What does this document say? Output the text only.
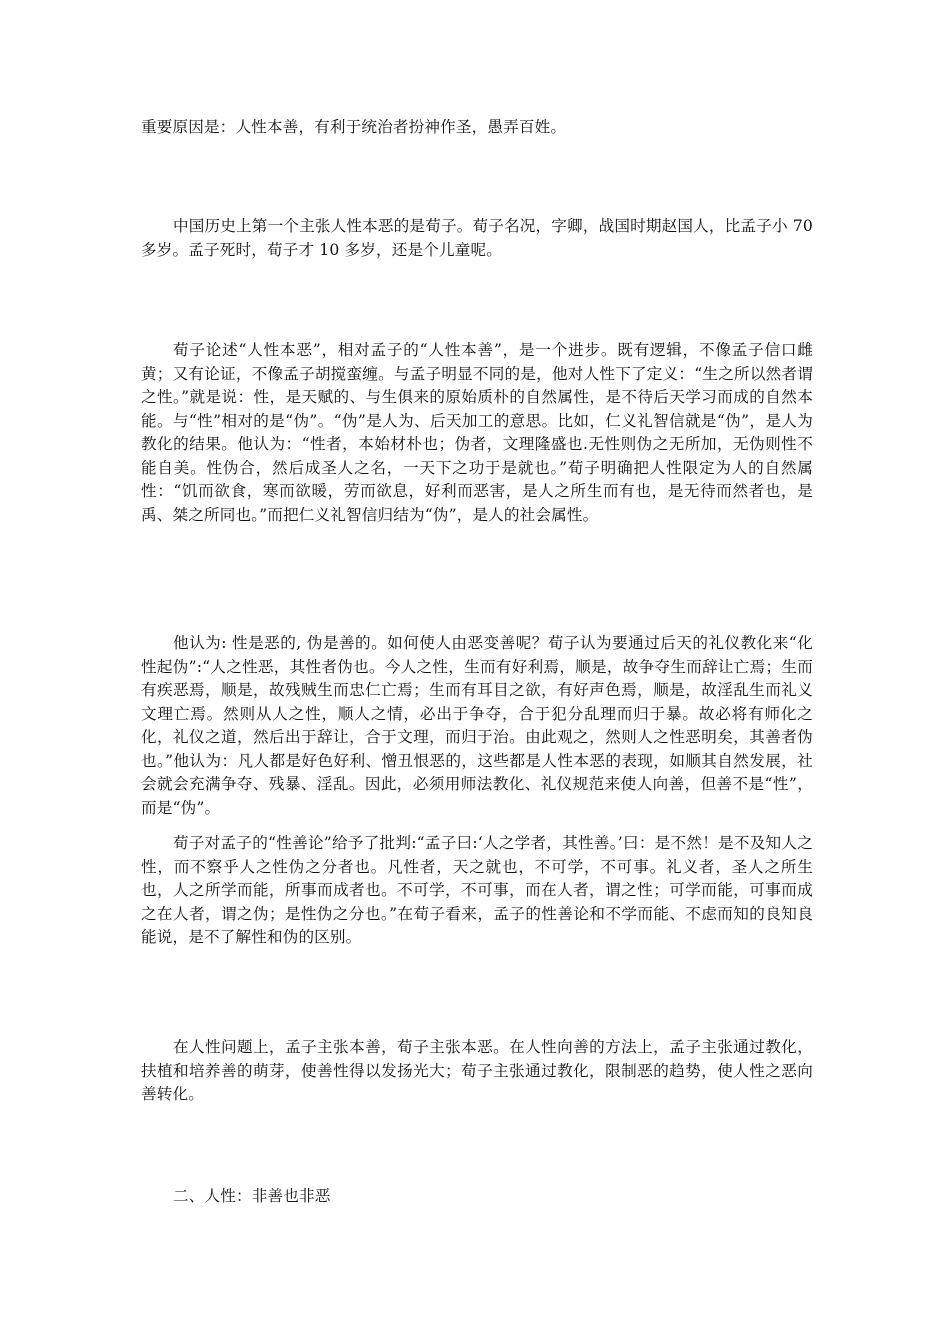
重要原因是：人性本善，有利于统治者扮神作圣，愚弄百姓。

中国历史上第一个主张人性本恶的是荀子。荀子名况，字卿，战国时期赵国人，比孟子小 70 多岁。孟子死时，荀子才 10 多岁，还是个儿童呢。

荀子论述“人性本恶”，相对孟子的“人性本善”，是一个进步。既有逻辑，不像孟子信口雌黄；又有论证，不像孟子胡搅蛮缠。与孟子明显不同的是，他对人性下了定义：“生之所以然者谓之性。”就是说：性，是天赋的、与生俱来的原始质朴的自然属性，是不待后天学习而成的自然本能。与“性”相对的是“伪”。“伪”是人为、后天加工的意思。比如，仁义礼智信就是“伪”，是人为教化的结果。他认为：“性者，本始材朴也；伪者，文理隆盛也.无性则伪之无所加，无伪则性不能自美。性伪合，然后成圣人之名，一天下之功于是就也。”荀子明确把人性限定为人的自然属性：“饥而欲食，寒而欲暖，劳而欲息，好利而恶害，是人之所生而有也，是无待而然者也，是禹、桀之所同也。”而把仁义礼智信归结为“伪”，是人的社会属性。

他认为: 性是恶的, 伪是善的。如何使人由恶变善呢？荀子认为要通过后天的礼仪教化来“化性起伪”:“人之性恶，其性者伪也。今人之性，生而有好利焉，顺是，故争夺生而辞让亡焉；生而有疾恶焉，顺是，故残贼生而忠仁亡焉；生而有耳目之欲，有好声色焉，顺是，故淫乱生而礼义文理亡焉。然则从人之性，顺人之情，必出于争夺，合于犯分乱理而归于暴。故必将有师化之化，礼仪之道，然后出于辞让，合于文理，而归于治。由此观之，然则人之性恶明矣，其善者伪也。”他认为：凡人都是好色好利、憎丑恨恶的，这些都是人性本恶的表现，如顺其自然发展，社会就会充满争夺、残暴、淫乱。因此，必须用师法教化、礼仪规范来使人向善，但善不是“性”，而是“伪”。

荀子对孟子的“性善论”给予了批判:“孟子曰:‘人之学者，其性善。’曰：是不然！是不及知人之性，而不察乎人之性伪之分者也。凡性者，天之就也，不可学，不可事。礼义者，圣人之所生也，人之所学而能，所事而成者也。不可学，不可事，而在人者，谓之性；可学而能，可事而成之在人者，谓之伪；是性伪之分也。”在荀子看来，孟子的性善论和不学而能、不虑而知的良知良能说，是不了解性和伪的区别。

在人性问题上，孟子主张本善，荀子主张本恶。在人性向善的方法上，孟子主张通过教化，扶植和培养善的萌芽，使善性得以发扬光大；荀子主张通过教化，限制恶的趋势，使人性之恶向善转化。

二、人性：非善也非恶
